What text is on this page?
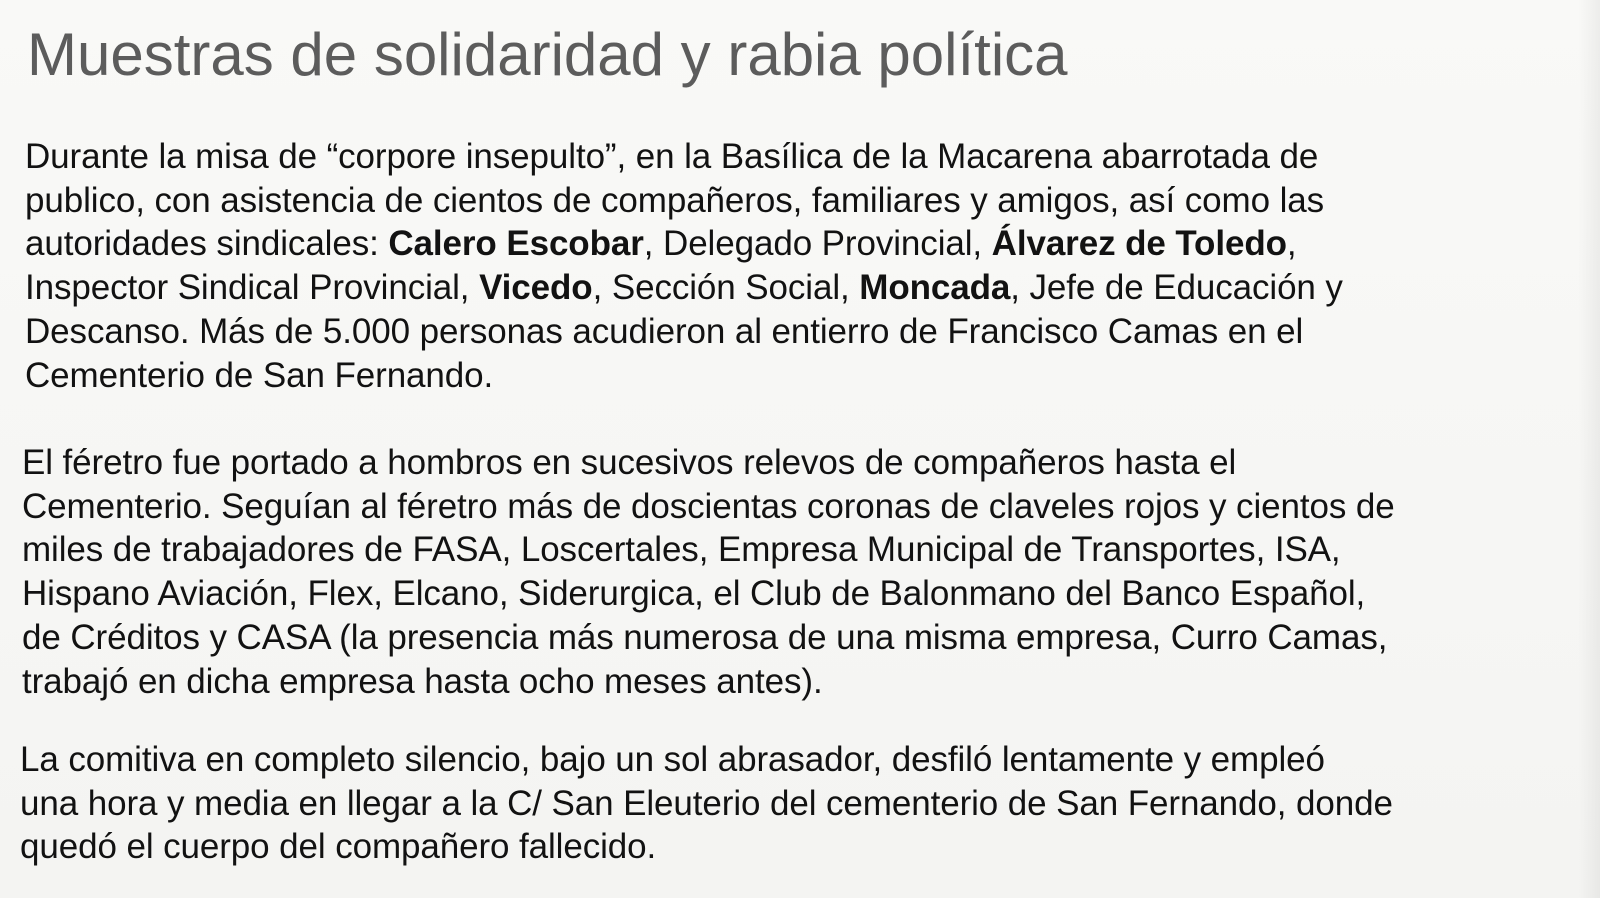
Muestras de solidaridad y rabia política

Durante la misa de “corpore insepulto”, en la Basílica de la Macarena abarrotada de
publico, con asistencia de cientos de compañeros, familiares y amigos, así como las
autoridades sindicales: Calero Escobar, Delegado Provincial, Álvarez de Toledo,
Inspector Sindical Provincial, Vicedo, Sección Social, Moncada, Jefe de Educación y
Descanso. Más de 5.000 personas acudieron al entierro de Francisco Camas en el
Cementerio de San Fernando.

El féretro fue portado a hombros en sucesivos relevos de compañeros hasta el
Cementerio. Seguían al féretro más de doscientas coronas de claveles rojos y cientos de
miles de trabajadores de FASA, Loscertales, Empresa Municipal de Transportes, ISA,
Hispano Aviación, Flex, Elcano, Siderurgica, el Club de Balonmano del Banco Español,
de Créditos y CASA (la presencia más numerosa de una misma empresa, Curro Camas,
trabajó en dicha empresa hasta ocho meses antes).

La comitiva en completo silencio, bajo un sol abrasador, desfiló lentamente y empleó
una hora y media en llegar a la C/ San Eleuterio del cementerio de San Fernando, donde
quedó el cuerpo del compañero fallecido.
